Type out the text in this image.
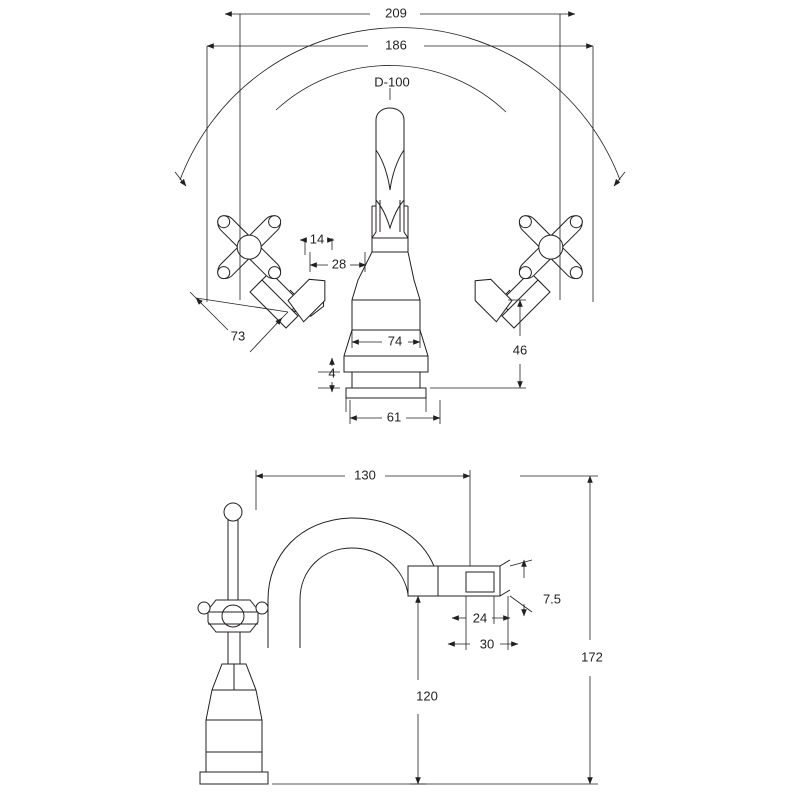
209
186
D-100
14
28
73	74
46
4
61
130
7.5
24
30
120
172
